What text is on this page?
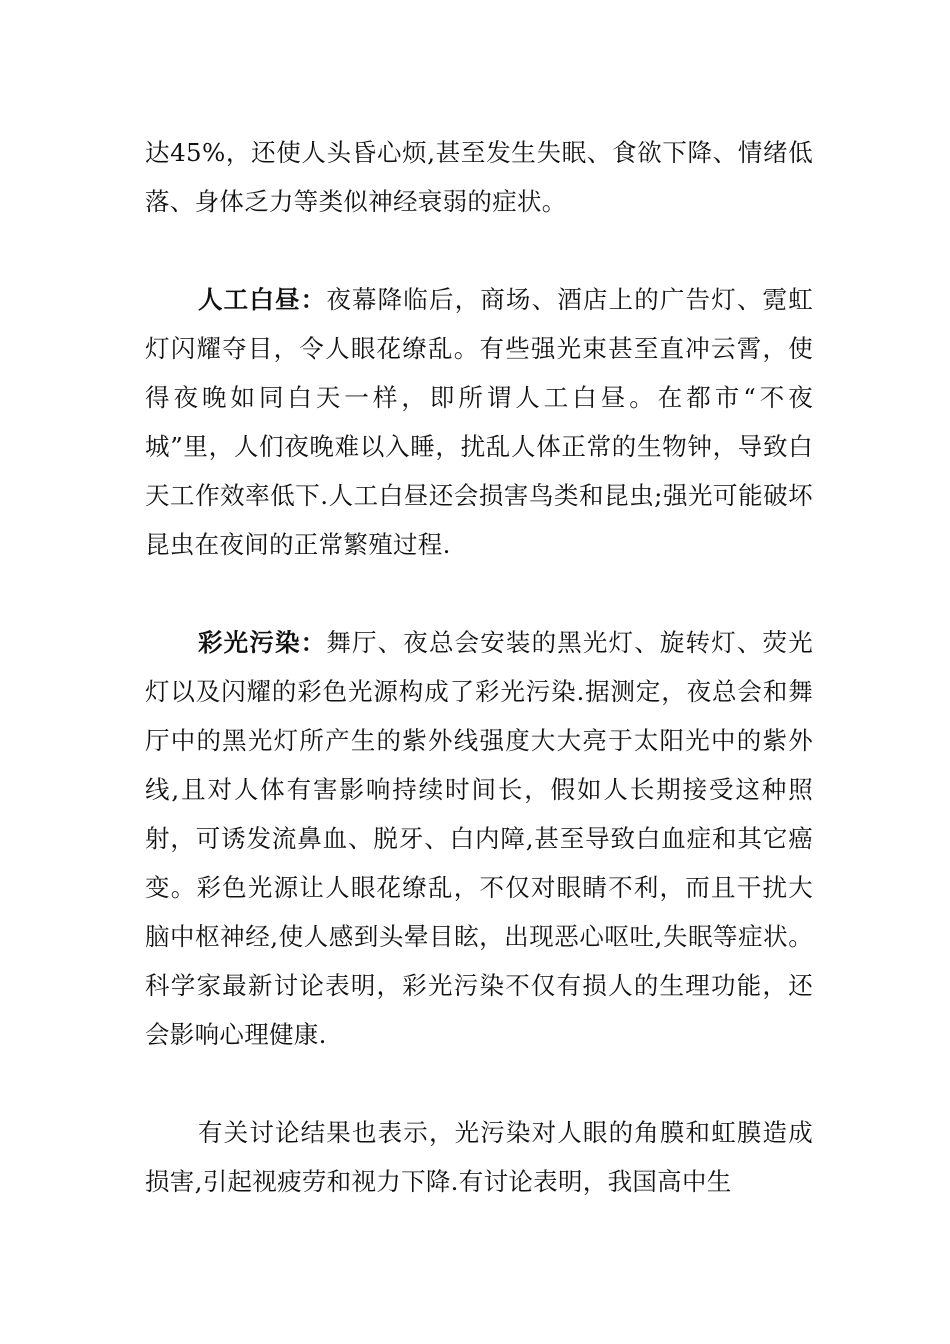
达45%，还使人头昏心烦,甚至发生失眠、食欲下降、情绪低落、身体乏力等类似神经衰弱的症状。

人工白昼：夜幕降临后，商场、酒店上的广告灯、霓虹灯闪耀夺目，令人眼花缭乱。有些强光束甚至直冲云霄，使得夜晚如同白天一样，即所谓人工白昼。在都市“不夜城”里，人们夜晚难以入睡，扰乱人体正常的生物钟，导致白天工作效率低下.人工白昼还会损害鸟类和昆虫;强光可能破坏昆虫在夜间的正常繁殖过程.

彩光污染：舞厅、夜总会安装的黑光灯、旋转灯、荧光灯以及闪耀的彩色光源构成了彩光污染.据测定，夜总会和舞厅中的黑光灯所产生的紫外线强度大大亮于太阳光中的紫外线,且对人体有害影响持续时间长，假如人长期接受这种照射，可诱发流鼻血、脱牙、白内障,甚至导致白血症和其它癌变。彩色光源让人眼花缭乱，不仅对眼睛不利，而且干扰大脑中枢神经,使人感到头晕目眩，出现恶心呕吐,失眠等症状。科学家最新讨论表明，彩光污染不仅有损人的生理功能，还会影响心理健康.

有关讨论结果也表示，光污染对人眼的角膜和虹膜造成损害,引起视疲劳和视力下降.有讨论表明，我国高中生
